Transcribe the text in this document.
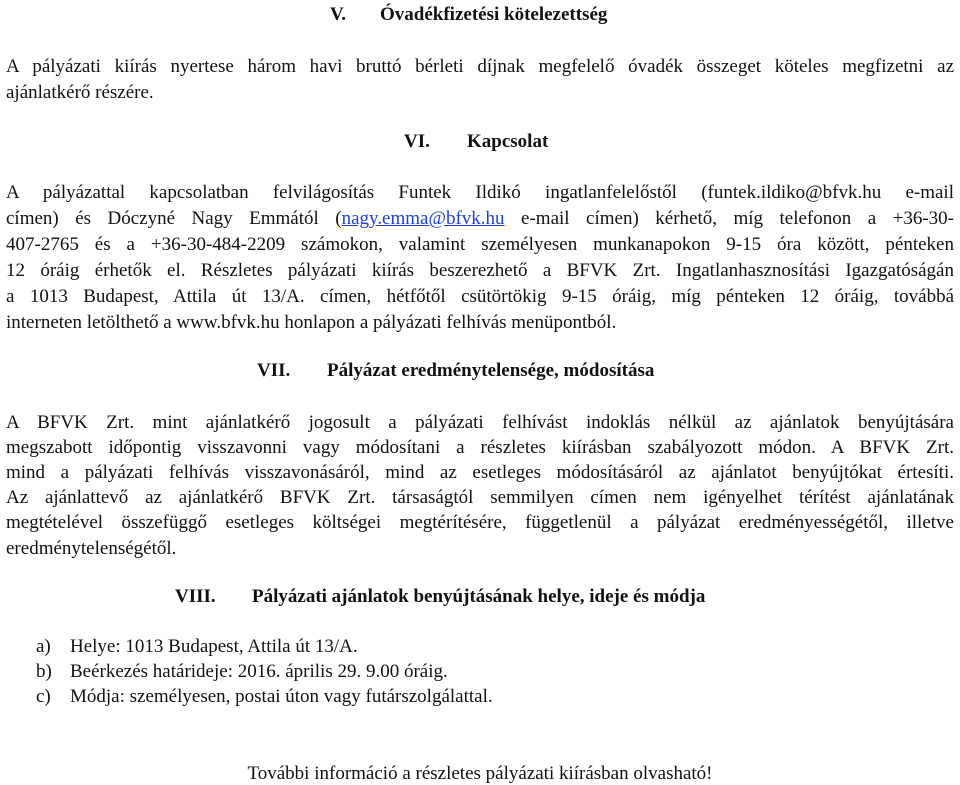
V. Óvadékfizetési kötelezettség
A pályázati kiírás nyertese három havi bruttó bérleti díjnak megfelelő óvadék összeget köteles megfizetni az
ajánlatkérő részére.
VI. Kapcsolat
A pályázattal kapcsolatban felvilágosítás Funtek Ildikó ingatlanfelelőstől (funtek.ildiko@bfvk.hu e-mail
címen) és Dóczyné Nagy Emmától (nagy.emma@bfvk.hu e-mail címen) kérhető, míg telefonon a +36-30-
407-2765 és a +36-30-484-2209 számokon, valamint személyesen munkanapokon 9-15 óra között, pénteken
12 óráig érhetők el. Részletes pályázati kiírás beszerezhető a BFVK Zrt. Ingatlanhasznosítási Igazgatóságán
a 1013 Budapest, Attila út 13/A. címen, hétfőtől csütörtökig 9-15 óráig, míg pénteken 12 óráig, továbbá
interneten letölthető a www.bfvk.hu honlapon a pályázati felhívás menüpontból.
VII. Pályázat eredménytelensége, módosítása
A BFVK Zrt. mint ajánlatkérő jogosult a pályázati felhívást indoklás nélkül az ajánlatok benyújtására
megszabott időpontig visszavonni vagy módosítani a részletes kiírásban szabályozott módon. A BFVK Zrt.
mind a pályázati felhívás visszavonásáról, mind az esetleges módosításáról az ajánlatot benyújtókat értesíti.
Az ajánlattevő az ajánlatkérő BFVK Zrt. társaságtól semmilyen címen nem igényelhet térítést ajánlatának
megtételével összefüggő esetleges költségei megtérítésére, függetlenül a pályázat eredményességétől, illetve
eredménytelenségétől.
VIII. Pályázati ajánlatok benyújtásának helye, ideje és módja
a) Helye: 1013 Budapest, Attila út 13/A.
b) Beérkezés határideje: 2016. április 29. 9.00 óráig.
c) Módja: személyesen, postai úton vagy futárszolgálattal.
További információ a részletes pályázati kiírásban olvasható!
